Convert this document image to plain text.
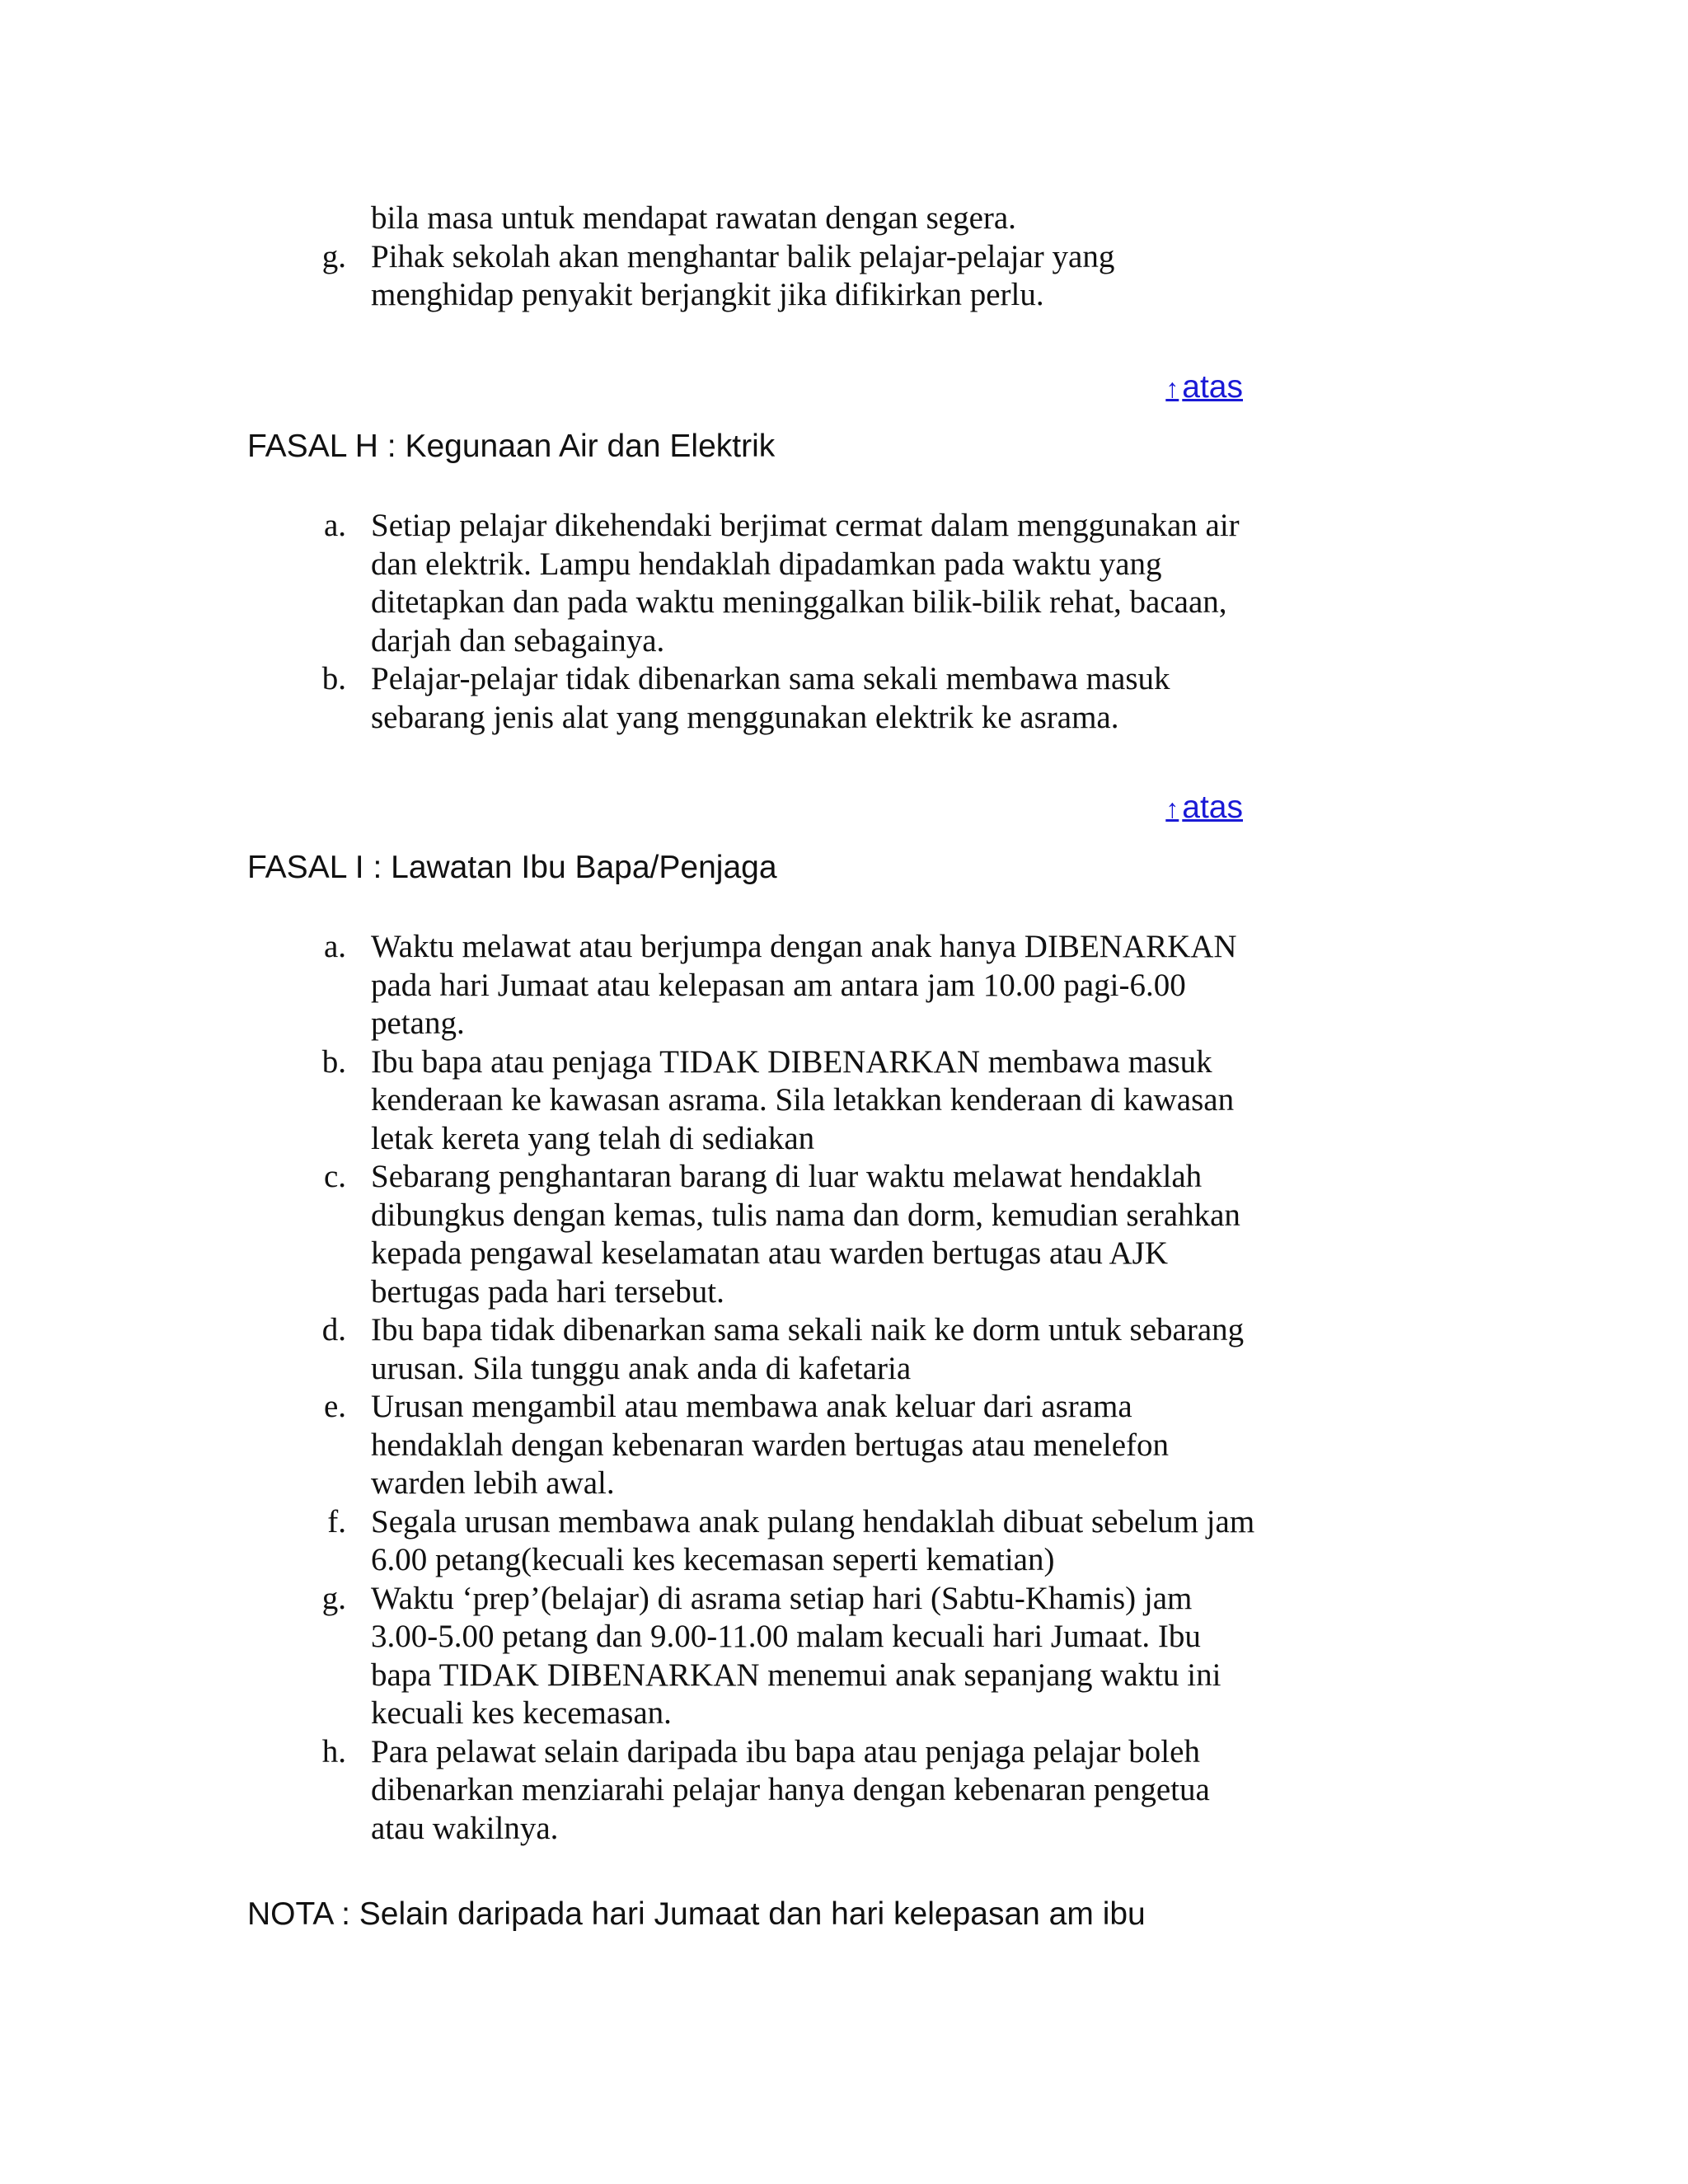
bila masa untuk mendapat rawatan dengan segera.
g. Pihak sekolah akan menghantar balik pelajar-pelajar yang menghidap penyakit berjangkit jika difikirkan perlu.
↑ atas
FASAL H : Kegunaan Air dan Elektrik
a. Setiap pelajar dikehendaki berjimat cermat dalam menggunakan air dan elektrik. Lampu hendaklah dipadamkan pada waktu yang ditetapkan dan pada waktu meninggalkan bilik-bilik rehat, bacaan, darjah dan sebagainya.
b. Pelajar-pelajar tidak dibenarkan sama sekali membawa masuk sebarang jenis alat yang menggunakan elektrik ke asrama.
↑ atas
FASAL I : Lawatan Ibu Bapa/Penjaga
a. Waktu melawat atau berjumpa dengan anak hanya DIBENARKAN pada hari Jumaat atau kelepasan am antara jam 10.00 pagi-6.00 petang.
b. Ibu bapa atau penjaga TIDAK DIBENARKAN membawa masuk kenderaan ke kawasan asrama. Sila letakkan kenderaan di kawasan letak kereta yang telah di sediakan
c. Sebarang penghantaran barang di luar waktu melawat hendaklah dibungkus dengan kemas, tulis nama dan dorm, kemudian serahkan kepada pengawal keselamatan atau warden bertugas atau AJK bertugas pada hari tersebut.
d. Ibu bapa tidak dibenarkan sama sekali naik ke dorm untuk sebarang urusan. Sila tunggu anak anda di kafetaria
e. Urusan mengambil atau membawa anak keluar dari asrama hendaklah dengan kebenaran warden bertugas atau menelefon warden lebih awal.
f. Segala urusan membawa anak pulang hendaklah dibuat sebelum jam 6.00 petang(kecuali kes kecemasan seperti kematian)
g. Waktu ‘prep’(belajar) di asrama setiap hari (Sabtu-Khamis) jam 3.00-5.00 petang dan 9.00-11.00 malam kecuali hari Jumaat. Ibu bapa TIDAK DIBENARKAN menemui anak sepanjang waktu ini kecuali kes kecemasan.
h. Para pelawat selain daripada ibu bapa atau penjaga pelajar boleh dibenarkan menziarahi pelajar hanya dengan kebenaran pengetua atau wakilnya.
NOTA : Selain daripada hari Jumaat dan hari kelepasan am ibu
